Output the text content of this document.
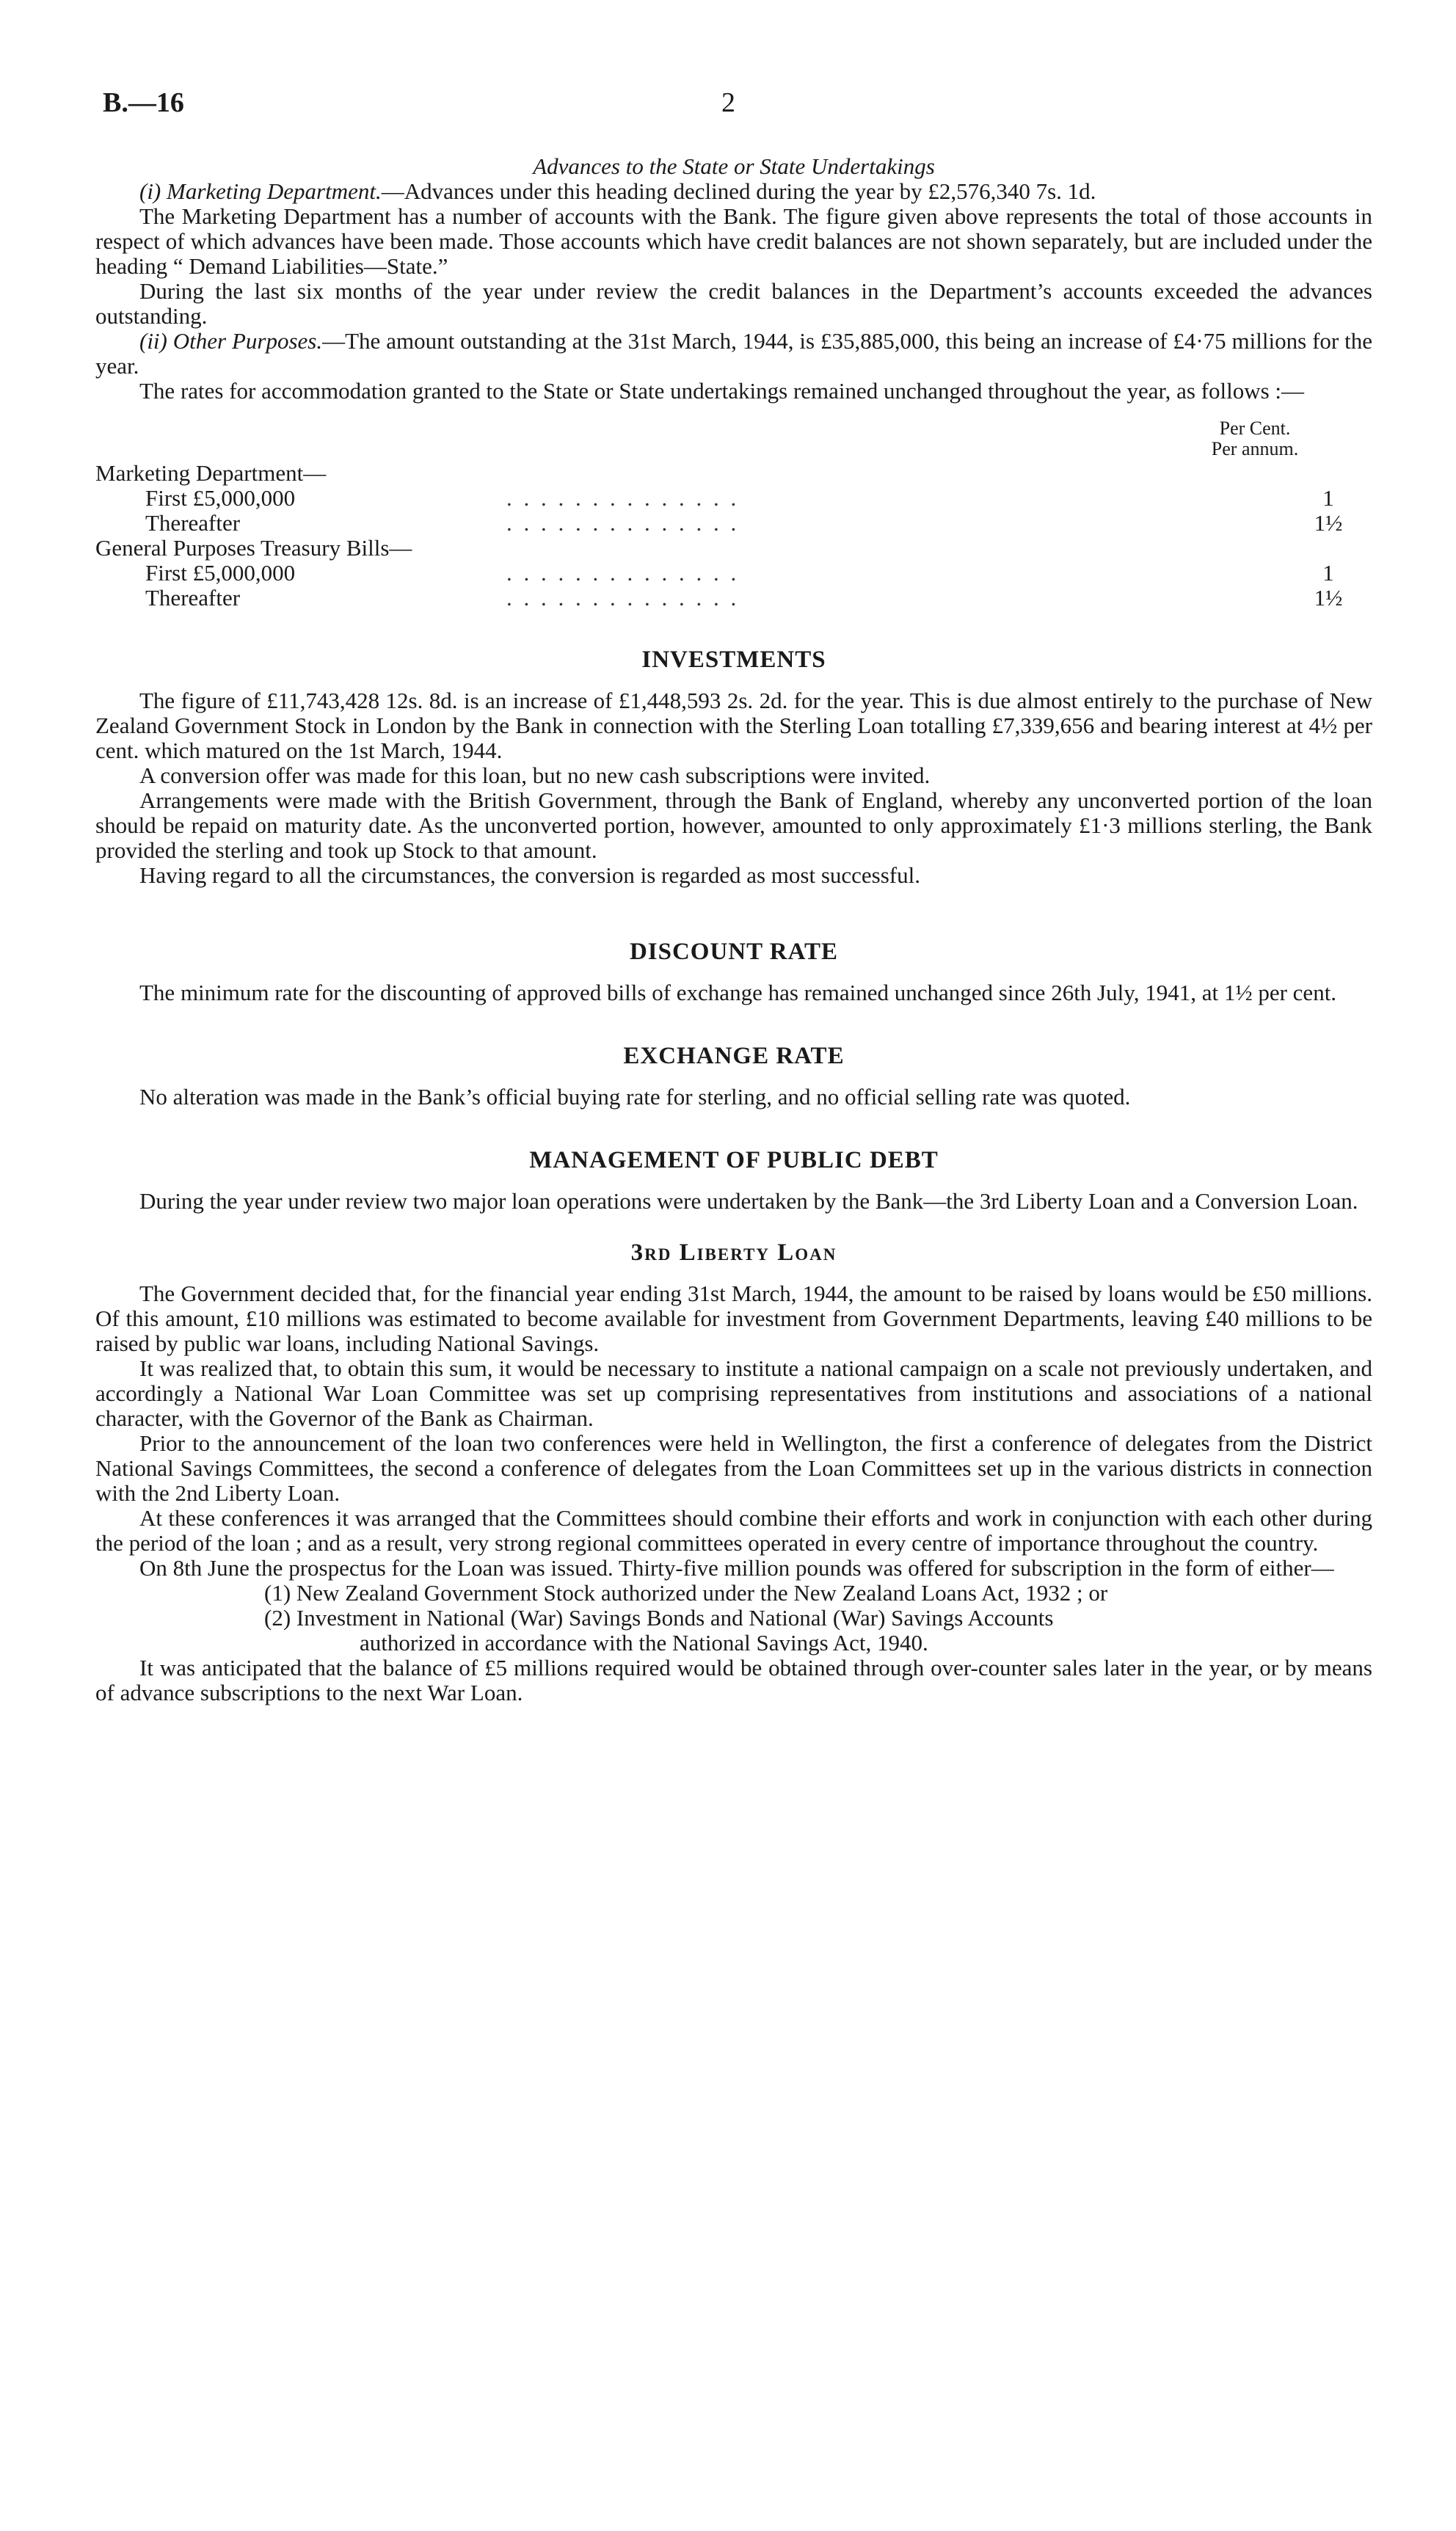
B.—16	2

Advances to the State or State Undertakings

(i) Marketing Department.—Advances under this heading declined during the year by £2,576,340 7s. 1d.

The Marketing Department has a number of accounts with the Bank. The figure given above represents the total of those accounts in respect of which advances have been made. Those accounts which have credit balances are not shown separately, but are included under the heading “ Demand Liabilities—State.”

During the last six months of the year under review the credit balances in the Department’s accounts exceeded the advances outstanding.

(ii) Other Purposes.—The amount outstanding at the 31st March, 1944, is £35,885,000, this being an increase of £4·75 millions for the year.

The rates for accommodation granted to the State or State undertakings remained unchanged throughout the year, as follows :—

Per Cent.
Per annum.
Marketing Department—
First £5,000,000	. . . . . . . . . . . . . .	1
Thereafter	. . . . . . . . . . . . . .	1½
General Purposes Treasury Bills—
First £5,000,000	. . . . . . . . . . . . . .	1
Thereafter	. . . . . . . . . . . . . .	1½
INVESTMENTS

The figure of £11,743,428 12s. 8d. is an increase of £1,448,593 2s. 2d. for the year. This is due almost entirely to the purchase of New Zealand Government Stock in London by the Bank in connection with the Sterling Loan totalling £7,339,656 and bearing interest at 4½ per cent. which matured on the 1st March, 1944.

A conversion offer was made for this loan, but no new cash subscriptions were invited.

Arrangements were made with the British Government, through the Bank of England, whereby any unconverted portion of the loan should be repaid on maturity date. As the unconverted portion, however, amounted to only approximately £1·3 millions sterling, the Bank provided the sterling and took up Stock to that amount.

Having regard to all the circumstances, the conversion is regarded as most successful.

DISCOUNT RATE

The minimum rate for the discounting of approved bills of exchange has remained unchanged since 26th July, 1941, at 1½ per cent.

EXCHANGE RATE

No alteration was made in the Bank’s official buying rate for sterling, and no official selling rate was quoted.

MANAGEMENT OF PUBLIC DEBT

During the year under review two major loan operations were undertaken by the Bank—the 3rd Liberty Loan and a Conversion Loan.

3rd Liberty Loan

The Government decided that, for the financial year ending 31st March, 1944, the amount to be raised by loans would be £50 millions. Of this amount, £10 millions was estimated to become available for investment from Government Departments, leaving £40 millions to be raised by public war loans, including National Savings.

It was realized that, to obtain this sum, it would be necessary to institute a national campaign on a scale not previously undertaken, and accordingly a National War Loan Committee was set up comprising representatives from institutions and associations of a national character, with the Governor of the Bank as Chairman.

Prior to the announcement of the loan two conferences were held in Wellington, the first a conference of delegates from the District National Savings Committees, the second a conference of delegates from the Loan Committees set up in the various districts in connection with the 2nd Liberty Loan.

At these conferences it was arranged that the Committees should combine their efforts and work in conjunction with each other during the period of the loan ; and as a result, very strong regional committees operated in every centre of importance throughout the country.

On 8th June the prospectus for the Loan was issued. Thirty-five million pounds was offered for subscription in the form of either—

(1) New Zealand Government Stock authorized under the New Zealand Loans Act, 1932 ; or

(2) Investment in National (War) Savings Bonds and National (War) Savings Accounts

authorized in accordance with the National Savings Act, 1940.

It was anticipated that the balance of £5 millions required would be obtained through over-counter sales later in the year, or by means of advance subscriptions to the next War Loan.
